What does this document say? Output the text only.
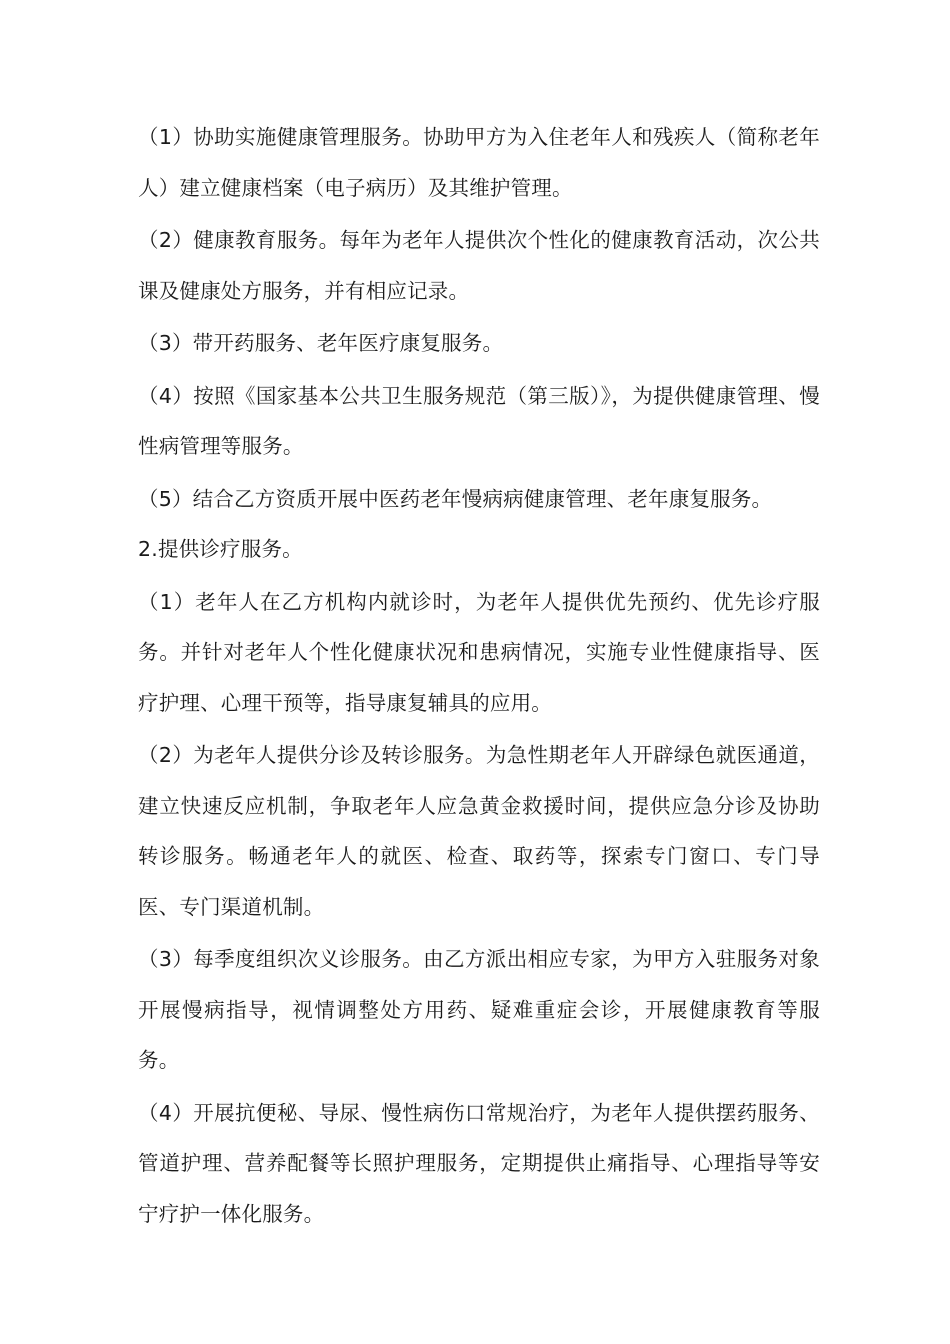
（1）协助实施健康管理服务。协助甲方为入住老年人和残疾人（简称老年人）建立健康档案（电子病历）及其维护管理。

（2）健康教育服务。每年为老年人提供次个性化的健康教育活动，次公共课及健康处方服务，并有相应记录。

（3）带开药服务、老年医疗康复服务。

（4）按照《国家基本公共卫生服务规范（第三版）》，为提供健康管理、慢性病管理等服务。

（5）结合乙方资质开展中医药老年慢病病健康管理、老年康复服务。

2.提供诊疗服务。

（1）老年人在乙方机构内就诊时，为老年人提供优先预约、优先诊疗服务。并针对老年人个性化健康状况和患病情况，实施专业性健康指导、医疗护理、心理干预等，指导康复辅具的应用。

（2）为老年人提供分诊及转诊服务。为急性期老年人开辟绿色就医通道，建立快速反应机制，争取老年人应急黄金救援时间，提供应急分诊及协助转诊服务。畅通老年人的就医、检查、取药等，探索专门窗口、专门导医、专门渠道机制。

（3）每季度组织次义诊服务。由乙方派出相应专家，为甲方入驻服务对象开展慢病指导，视情调整处方用药、疑难重症会诊，开展健康教育等服务。

（4）开展抗便秘、导尿、慢性病伤口常规治疗，为老年人提供摆药服务、管道护理、营养配餐等长照护理服务，定期提供止痛指导、心理指导等安宁疗护一体化服务。
